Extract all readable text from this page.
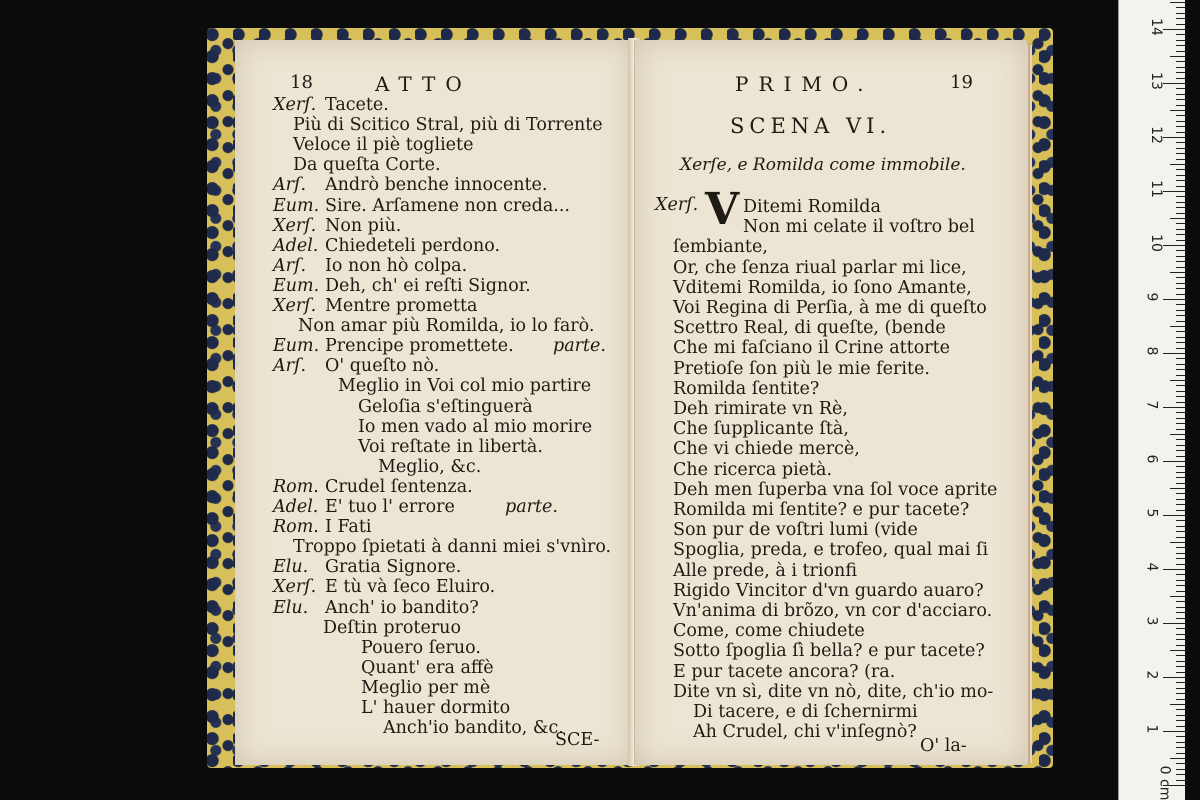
18	ATTO
Xerſ. Tacete.
Più di Scitico Stral, più di Torrente
Veloce il piè togliete
Da queſta Corte.
Arſ. Andrò benche innocente.
Eum. Sire. Arſamene non creda...
Xerſ. Non più.
Adel. Chiedeteli perdono.
Arſ. Io non hò colpa.
Eum. Deh, ch' ei reſti Signor.
Xerſ. Mentre prometta
Non amar più Romilda, io lo farò.
Eum. Prencipe promettete. parte.
Arſ. O' queſto nò.
Meglio in Voi col mio partire
Geloſia s'eſtinguerà
Io men vado al mio morire
Voi reſtate in libertà.
Meglio, &c.
Rom. Crudel ſentenza.
Adel. E' tuo l' errore	parte.
Rom. I Fati
Troppo ſpietati à danni miei s'vnìro.
Elu. Gratia Signore.
Xerſ. E tù và ſeco Eluiro.
Elu. Anch' io bandito?
Deſtin proteruo
Pouero ſeruo.
Quant' era affè
Meglio per mè
L' hauer dormito
Anch'io bandito, &c.
SCE-
PRIMO.	19
SCENA VI.
Xerſe, e Romilda come immobile.
Xerſ. V Ditemi Romilda
Non mi celate il voſtro bel
ſembiante,
Or, che ſenza riual parlar mi lice,
Vditemi Romilda, io ſono Amante,
Voi Regina di Perſia, à me di queſto
Scettro Real, di queſte, (bende
Che mi faſciano il Crine attorte
Pretioſe ſon più le mie ferite.
Romilda ſentite?
Deh rimirate vn Rè,
Che ſupplicante ſtà,
Che vi chiede mercè,
Che ricerca pietà.
Deh men ſuperba vna ſol voce aprite
Romilda mi ſentite? e pur tacete?
Son pur de voſtri lumi (vide
Spoglia, preda, e trofeo, qual mai ſi
Alle prede, à i trionfi
Rigido Vincitor d'vn guardo auaro?
Vn'anima di brõzo, vn cor d'acciaro.
Come, come chiudete
Sotto ſpoglia ſì bella? e pur tacete?
E pur tacete ancora? (ra.
Dite vn sì, dite vn nò, dite, ch'io mo-
Di tacere, e di ſchernirmi
Ah Crudel, chi v'inſegnò?
O' la-
0 cm
1
2
3
4
5
6
7
8
9
10
11
12
13
14
